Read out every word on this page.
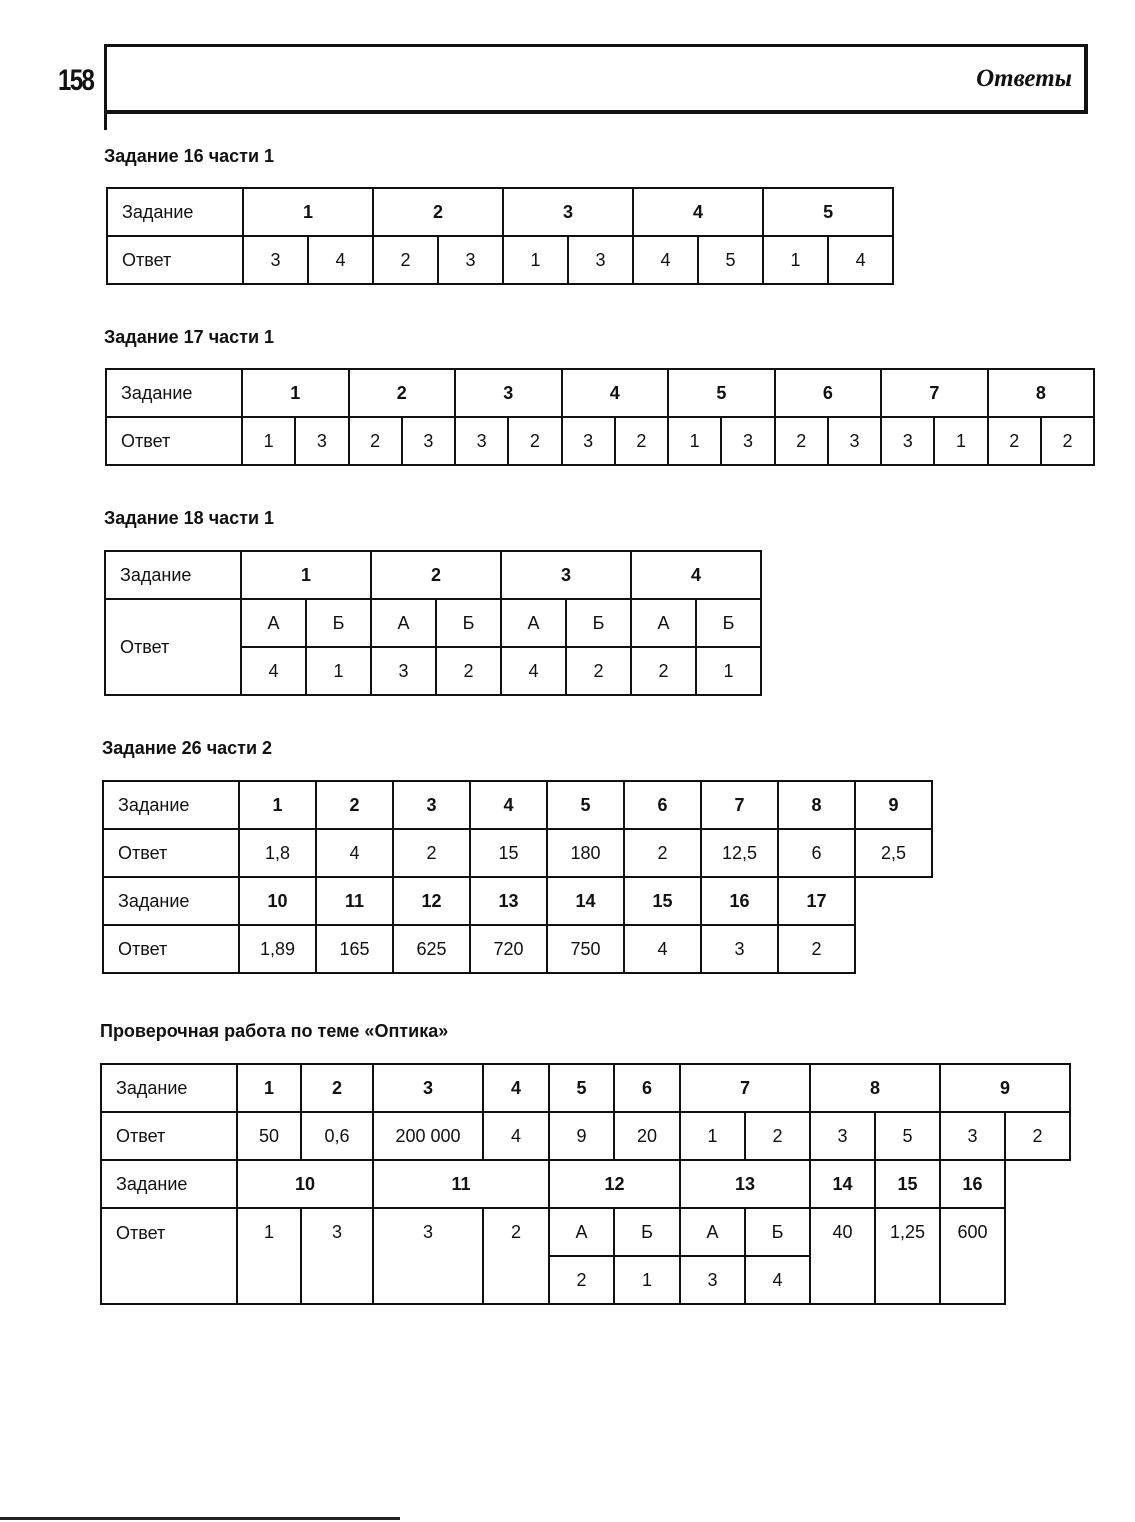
158	Ответы
Задание 16 части 1
Задание	1		2		3		4		5	
Ответ	3	4	2	3	1	3	4	5	1	4
Задание 17 части 1
Задание	1		2		3		4		5		6		7		8	
Ответ	1	3	2	3	3	2	3	2	1	3	2	3	3	1	2	2
Задание 18 части 1
Задание	1		2		3		4	
Ответ	А	Б	А	Б	А	Б	А	Б
	4	1	3	2	4	2	2	1
Задание 26 части 2
Задание	1	2	3	4	5	6	7	8	9
Ответ	1,8	4	2	15	180	2	12,5	6	2,5
Задание	10	11	12	13	14	15	16	17	
Ответ	1,89	165	625	720	750	4	3	2	
Проверочная работа по теме «Оптика»
Задание	1	2	3	4	5	6	7		8		9	
Ответ	50	0,6	200 000	4	9	20	1	2	3	5	3	2
Задание	10		11		12		13		14	15	16	
Ответ	1	3	3	2	А	Б	А	Б	40	1,25	600	
					2	1	3	4				
